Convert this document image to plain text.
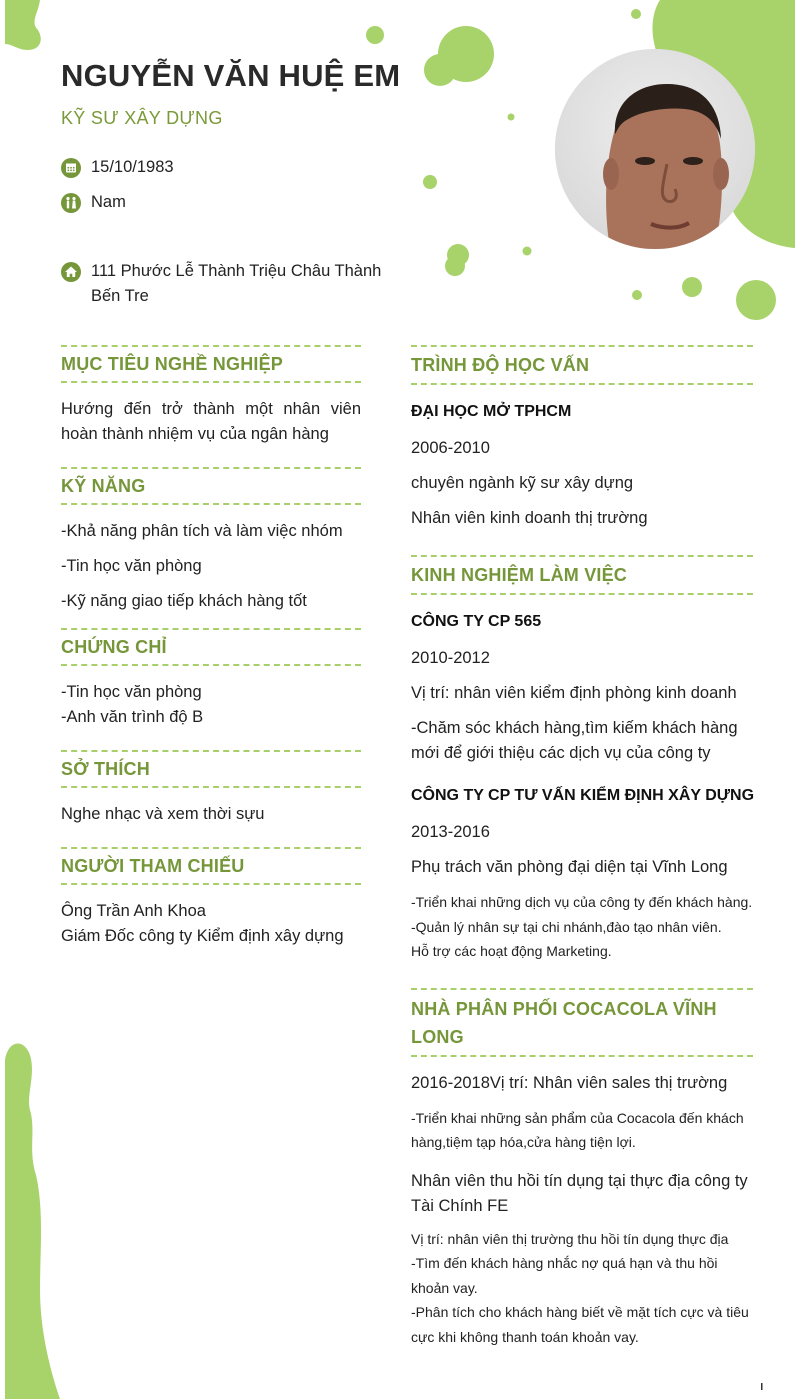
NGUYỄN VĂN HUỆ EM
KỸ SƯ XÂY DỰNG
15/10/1983
Nam
111 Phước Lễ Thành Triệu Châu Thành Bến Tre
MỤC TIÊU NGHỀ NGHIỆP

Hướng đến trở thành một nhân viên hoàn thành nhiệm vụ của ngân hàng

KỸ NĂNG

-Khả năng phân tích và làm việc nhóm

-Tin học văn phòng

-Kỹ năng giao tiếp khách hàng tốt

CHỨNG CHỈ

-Tin học văn phòng

-Anh văn trình độ B

SỞ THÍCH

Nghe nhạc và xem thời sựu

NGƯỜI THAM CHIẾU

Ông Trần Anh Khoa

Giám Đốc công ty Kiểm định xây dựng

TRÌNH ĐỘ HỌC VẤN

ĐẠI HỌC MỞ TPHCM

2006-2010

chuyên ngành kỹ sư xây dựng

Nhân viên kinh doanh thị trường

KINH NGHIỆM LÀM VIỆC

CÔNG TY CP 565

2010-2012

Vị trí: nhân viên kiểm định phòng kinh doanh

-Chăm sóc khách hàng,tìm kiếm khách hàng mới để giới thiệu các dịch vụ của công ty

CÔNG TY CP TƯ VẤN KIỂM ĐỊNH XÂY DỰNG

2013-2016

Phụ trách văn phòng đại diện tại Vĩnh Long

-Triển khai những dịch vụ của công ty đến khách hàng.

-Quản lý nhân sự tại chi nhánh,đào tạo nhân viên.

Hỗ trợ các hoạt động Marketing.

NHÀ PHÂN PHỐI COCACOLA VĨNH LONG

2016-2018Vị trí: Nhân viên sales thị trường

-Triển khai những sản phẩm của Cocacola đến khách hàng,tiệm tạp hóa,cửa hàng tiện lợi.

Nhân viên thu hồi tín dụng tại thực địa công ty Tài Chính FE

Vị trí: nhân viên thị trường thu hồi tín dụng thực địa

-Tìm đến khách hàng nhắc nợ quá hạn và thu hồi khoản vay.

-Phân tích cho khách hàng biết về mặt tích cực và tiêu cực khi không thanh toán khoản vay.
